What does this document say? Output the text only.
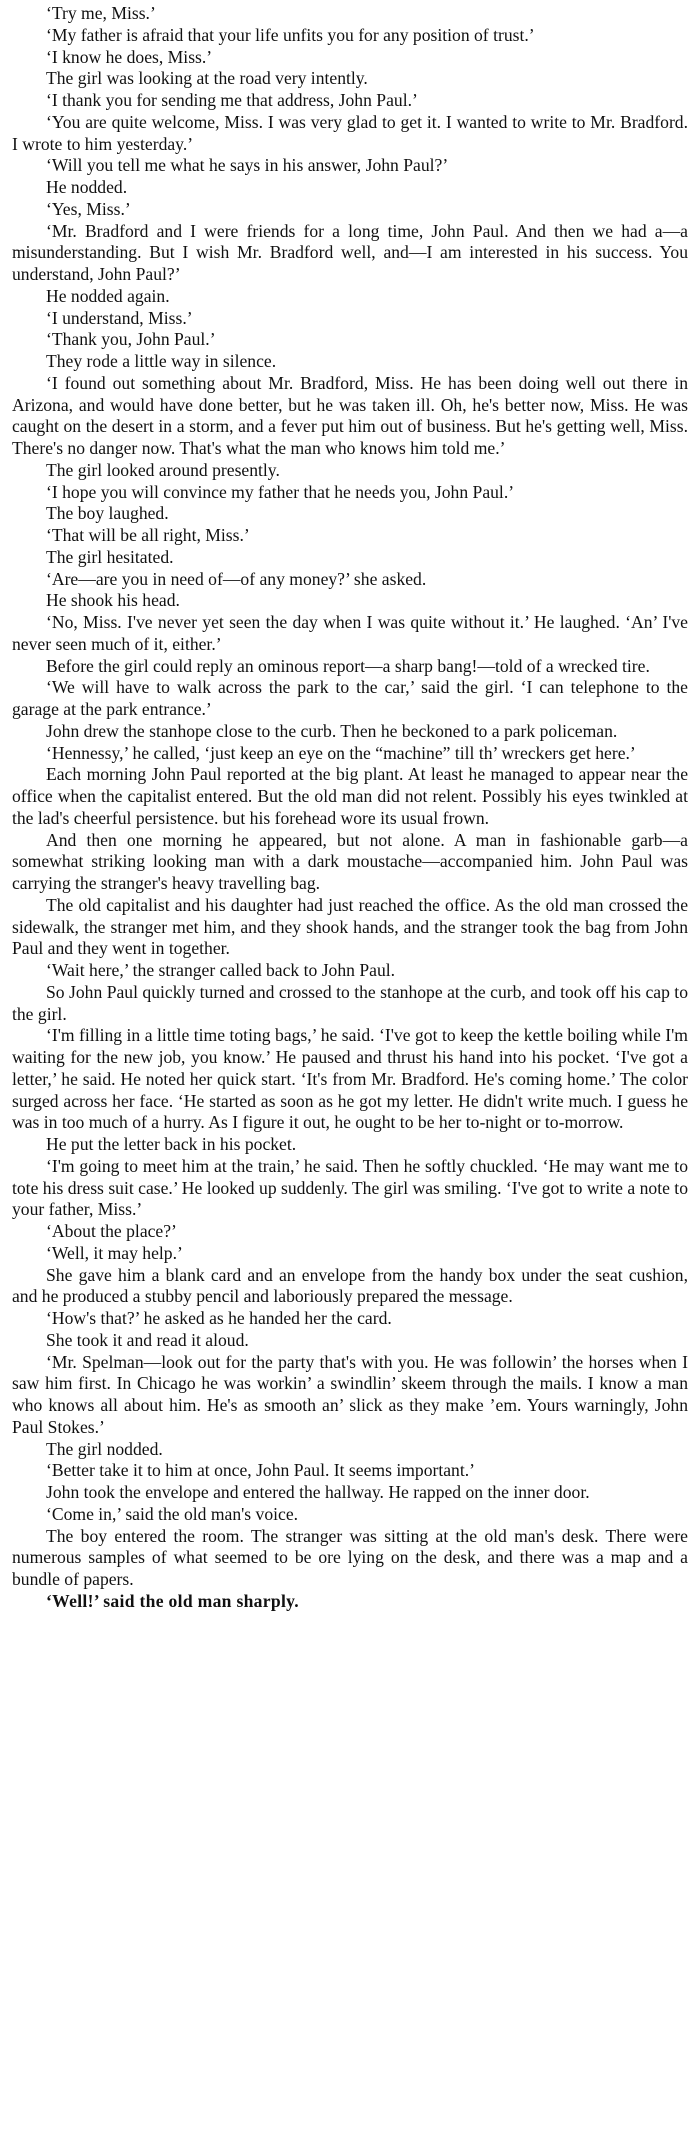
‘Try me, Miss.’

‘My father is afraid that your life unfits you for any position of trust.’

‘I know he does, Miss.’

The girl was looking at the road very intently.

‘I thank you for sending me that address, John Paul.’

‘You are quite welcome, Miss. I was very glad to get it. I wanted to write to Mr. Bradford. I wrote to him yesterday.’

‘Will you tell me what he says in his answer, John Paul?’

He nodded.

‘Yes, Miss.’

‘Mr. Bradford and I were friends for a long time, John Paul. And then we had a—a misunderstanding. But I wish Mr. Bradford well, and—I am interested in his success. You understand, John Paul?’

He nodded again.

‘I understand, Miss.’

‘Thank you, John Paul.’

They rode a little way in silence.

‘I found out something about Mr. Bradford, Miss. He has been doing well out there in Arizona, and would have done better, but he was taken ill. Oh, he's better now, Miss. He was caught on the desert in a storm, and a fever put him out of business. But he's getting well, Miss. There's no danger now. That's what the man who knows him told me.’

The girl looked around presently.

‘I hope you will convince my father that he needs you, John Paul.’

The boy laughed.

‘That will be all right, Miss.’

The girl hesitated.

‘Are—are you in need of—of any money?’ she asked.

He shook his head.

‘No, Miss. I've never yet seen the day when I was quite without it.’ He laughed. ‘An’ I've never seen much of it, either.’

Before the girl could reply an ominous report—a sharp bang!—told of a wrecked tire.

‘We will have to walk across the park to the car,’ said the girl. ‘I can telephone to the garage at the park entrance.’

John drew the stanhope close to the curb. Then he beckoned to a park policeman.

‘Hennessy,’ he called, ‘just keep an eye on the “machine” till th’ wreckers get here.’

Each morning John Paul reported at the big plant. At least he managed to appear near the office when the capitalist entered. But the old man did not relent. Possibly his eyes twinkled at the lad's cheerful persistence. but his forehead wore its usual frown.

And then one morning he appeared, but not alone. A man in fashionable garb—a somewhat striking looking man with a dark moustache—accompanied him. John Paul was carrying the stranger's heavy travelling bag.

The old capitalist and his daughter had just reached the office. As the old man crossed the sidewalk, the stranger met him, and they shook hands, and the stranger took the bag from John Paul and they went in together.

‘Wait here,’ the stranger called back to John Paul.

So John Paul quickly turned and crossed to the stanhope at the curb, and took off his cap to the girl.

‘I'm filling in a little time toting bags,’ he said. ‘I've got to keep the kettle boiling while I'm waiting for the new job, you know.’ He paused and thrust his hand into his pocket. ‘I've got a letter,’ he said. He noted her quick start. ‘It's from Mr. Bradford. He's coming home.’ The color surged across her face. ‘He started as soon as he got my letter. He didn't write much. I guess he was in too much of a hurry. As I figure it out, he ought to be her to-night or to-morrow.

He put the letter back in his pocket.

‘I'm going to meet him at the train,’ he said. Then he softly chuckled. ‘He may want me to tote his dress suit case.’ He looked up suddenly. The girl was smiling. ‘I've got to write a note to your father, Miss.’

‘About the place?’

‘Well, it may help.’

She gave him a blank card and an envelope from the handy box under the seat cushion, and he produced a stubby pencil and laboriously prepared the message.

‘How's that?’ he asked as he handed her the card.

She took it and read it aloud.

‘Mr. Spelman—look out for the party that's with you. He was followin’ the horses when I saw him first. In Chicago he was workin’ a swindlin’ skeem through the mails. I know a man who knows all about him. He's as smooth an’ slick as they make ’em. Yours warningly, John Paul Stokes.’

The girl nodded.

‘Better take it to him at once, John Paul. It seems important.’

John took the envelope and entered the hallway. He rapped on the inner door.

‘Come in,’ said the old man's voice.

The boy entered the room. The stranger was sitting at the old man's desk. There were numerous samples of what seemed to be ore lying on the desk, and there was a map and a bundle of papers.

‘Well!’ said the old man sharply.
